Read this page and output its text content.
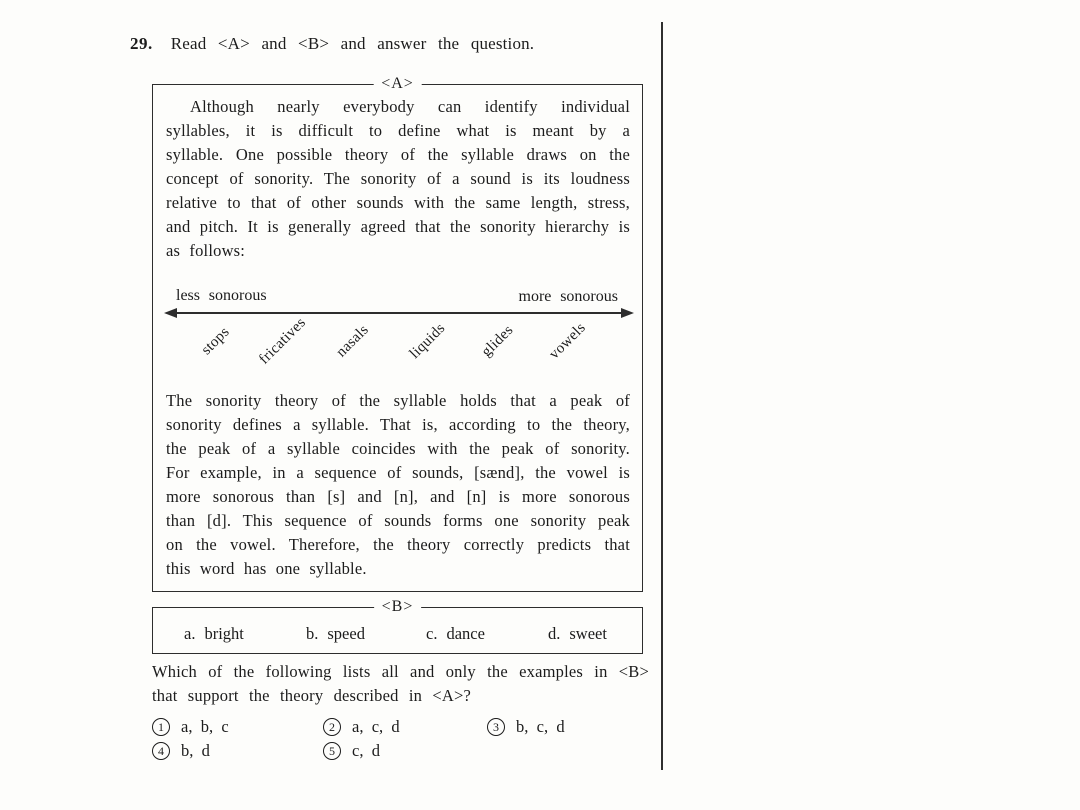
29. Read <A> and <B> and answer the question.
<A>
Although nearly everybody can identify individual syllables, it is difficult to define what is meant by a syllable. One possible theory of the syllable draws on the concept of sonority. The sonority of a sound is its loudness relative to that of other sounds with the same length, stress, and pitch. It is generally agreed that the sonority hierarchy is as follows:
less sonorous	more sonorous
stops	fricatives	nasals	liquids	glides	vowels
The sonority theory of the syllable holds that a peak of sonority defines a syllable. That is, according to the theory, the peak of a syllable coincides with the peak of sonority. For example, in a sequence of sounds, [sænd], the vowel is more sonorous than [s] and [n], and [n] is more sonorous than [d]. This sequence of sounds forms one sonority peak on the vowel. Therefore, the theory correctly predicts that this word has one syllable.
<B>
a. bright	b. speed	c. dance	d. sweet
Which of the following lists all and only the examples in <B> that support the theory described in <A>?
1	a, b, c	2	a, c, d	3	b, c, d
4	b, d	5	c, d
